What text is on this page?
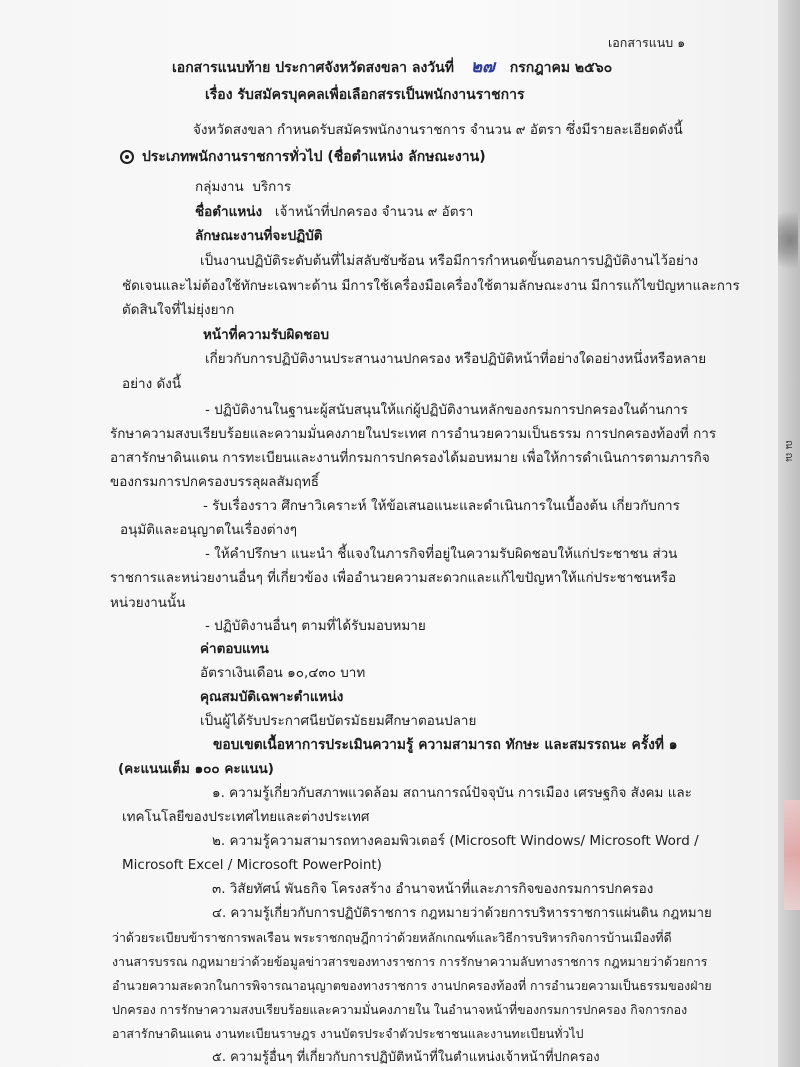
เอกสารแนบ ๑
เอกสารแนบท้าย ประกาศจังหวัดสงขลา ลงวันที่ ๒๗ กรกฎาคม ๒๕๖๐
เรื่อง รับสมัครบุคคลเพื่อเลือกสรรเป็นพนักงานราชการ
จังหวัดสงขลา กำหนดรับสมัครพนักงานราชการ จำนวน ๙ อัตรา ซึ่งมีรายละเอียดดังนี้
ประเภทพนักงานราชการทั่วไป (ชื่อตำแหน่ง ลักษณะงาน)
กลุ่มงาน บริการ
ชื่อตำแหน่ง เจ้าหน้าที่ปกครอง จำนวน ๙ อัตรา
ลักษณะงานที่จะปฏิบัติ
เป็นงานปฏิบัติระดับต้นที่ไม่สลับซับซ้อน หรือมีการกำหนดขั้นตอนการปฏิบัติงานไว้อย่าง
ชัดเจนและไม่ต้องใช้ทักษะเฉพาะด้าน มีการใช้เครื่องมือเครื่องใช้ตามลักษณะงาน มีการแก้ไขปัญหาและการ
ตัดสินใจที่ไม่ยุ่งยาก
หน้าที่ความรับผิดชอบ
เกี่ยวกับการปฏิบัติงานประสานงานปกครอง หรือปฏิบัติหน้าที่อย่างใดอย่างหนึ่งหรือหลาย
อย่าง ดังนี้
- ปฏิบัติงานในฐานะผู้สนับสนุนให้แก่ผู้ปฏิบัติงานหลักของกรมการปกครองในด้านการ
รักษาความสงบเรียบร้อยและความมั่นคงภายในประเทศ การอำนวยความเป็นธรรม การปกครองท้องที่ การ
อาสารักษาดินแดน การทะเบียนและงานที่กรมการปกครองได้มอบหมาย เพื่อให้การดำเนินการตามภารกิจ
ของกรมการปกครองบรรลุผลสัมฤทธิ์
- รับเรื่องราว ศึกษาวิเคราะห์ ให้ข้อเสนอแนะและดำเนินการในเบื้องต้น เกี่ยวกับการ
อนุมัติและอนุญาตในเรื่องต่างๆ
- ให้คำปรึกษา แนะนำ ชี้แจงในภารกิจที่อยู่ในความรับผิดชอบให้แก่ประชาชน ส่วน
ราชการและหน่วยงานอื่นๆ ที่เกี่ยวข้อง เพื่ออำนวยความสะดวกและแก้ไขปัญหาให้แก่ประชาชนหรือ
หน่วยงานนั้น
- ปฏิบัติงานอื่นๆ ตามที่ได้รับมอบหมาย
ค่าตอบแทน
อัตราเงินเดือน ๑๐,๔๓๐ บาท
คุณสมบัติเฉพาะตำแหน่ง
เป็นผู้ได้รับประกาศนียบัตรมัธยมศึกษาตอนปลาย
ขอบเขตเนื้อหาการประเมินความรู้ ความสามารถ ทักษะ และสมรรถนะ ครั้งที่ ๑
(คะแนนเต็ม ๑๐๐ คะแนน)
๑. ความรู้เกี่ยวกับสภาพแวดล้อม สถานการณ์ปัจจุบัน การเมือง เศรษฐกิจ สังคม และ
เทคโนโลยีของประเทศไทยและต่างประเทศ
๒. ความรู้ความสามารถทางคอมพิวเตอร์ (Microsoft Windows/ Microsoft Word /
Microsoft Excel / Microsoft PowerPoint)
๓. วิสัยทัศน์ พันธกิจ โครงสร้าง อำนาจหน้าที่และภารกิจของกรมการปกครอง
๔. ความรู้เกี่ยวกับการปฏิบัติราชการ กฎหมายว่าด้วยการบริหารราชการแผ่นดิน กฎหมาย
ว่าด้วยระเบียบข้าราชการพลเรือน พระราชกฤษฎีกาว่าด้วยหลักเกณฑ์และวิธีการบริหารกิจการบ้านเมืองที่ดี
งานสารบรรณ กฎหมายว่าด้วยข้อมูลข่าวสารของทางราชการ การรักษาความลับทางราชการ กฎหมายว่าด้วยการ
อำนวยความสะดวกในการพิจารณาอนุญาตของทางราชการ งานปกครองท้องที่ การอำนวยความเป็นธรรมของฝ่าย
ปกครอง การรักษาความสงบเรียบร้อยและความมั่นคงภายใน ในอำนาจหน้าที่ของกรมการปกครอง กิจการกอง
อาสารักษาดินแดน งานทะเบียนราษฎร งานบัตรประจำตัวประชาชนและงานทะเบียนทั่วไป
๕. ความรู้อื่นๆ ที่เกี่ยวกับการปฏิบัติหน้าที่ในตำแหน่งเจ้าหน้าที่ปกครอง
ณ ณ
